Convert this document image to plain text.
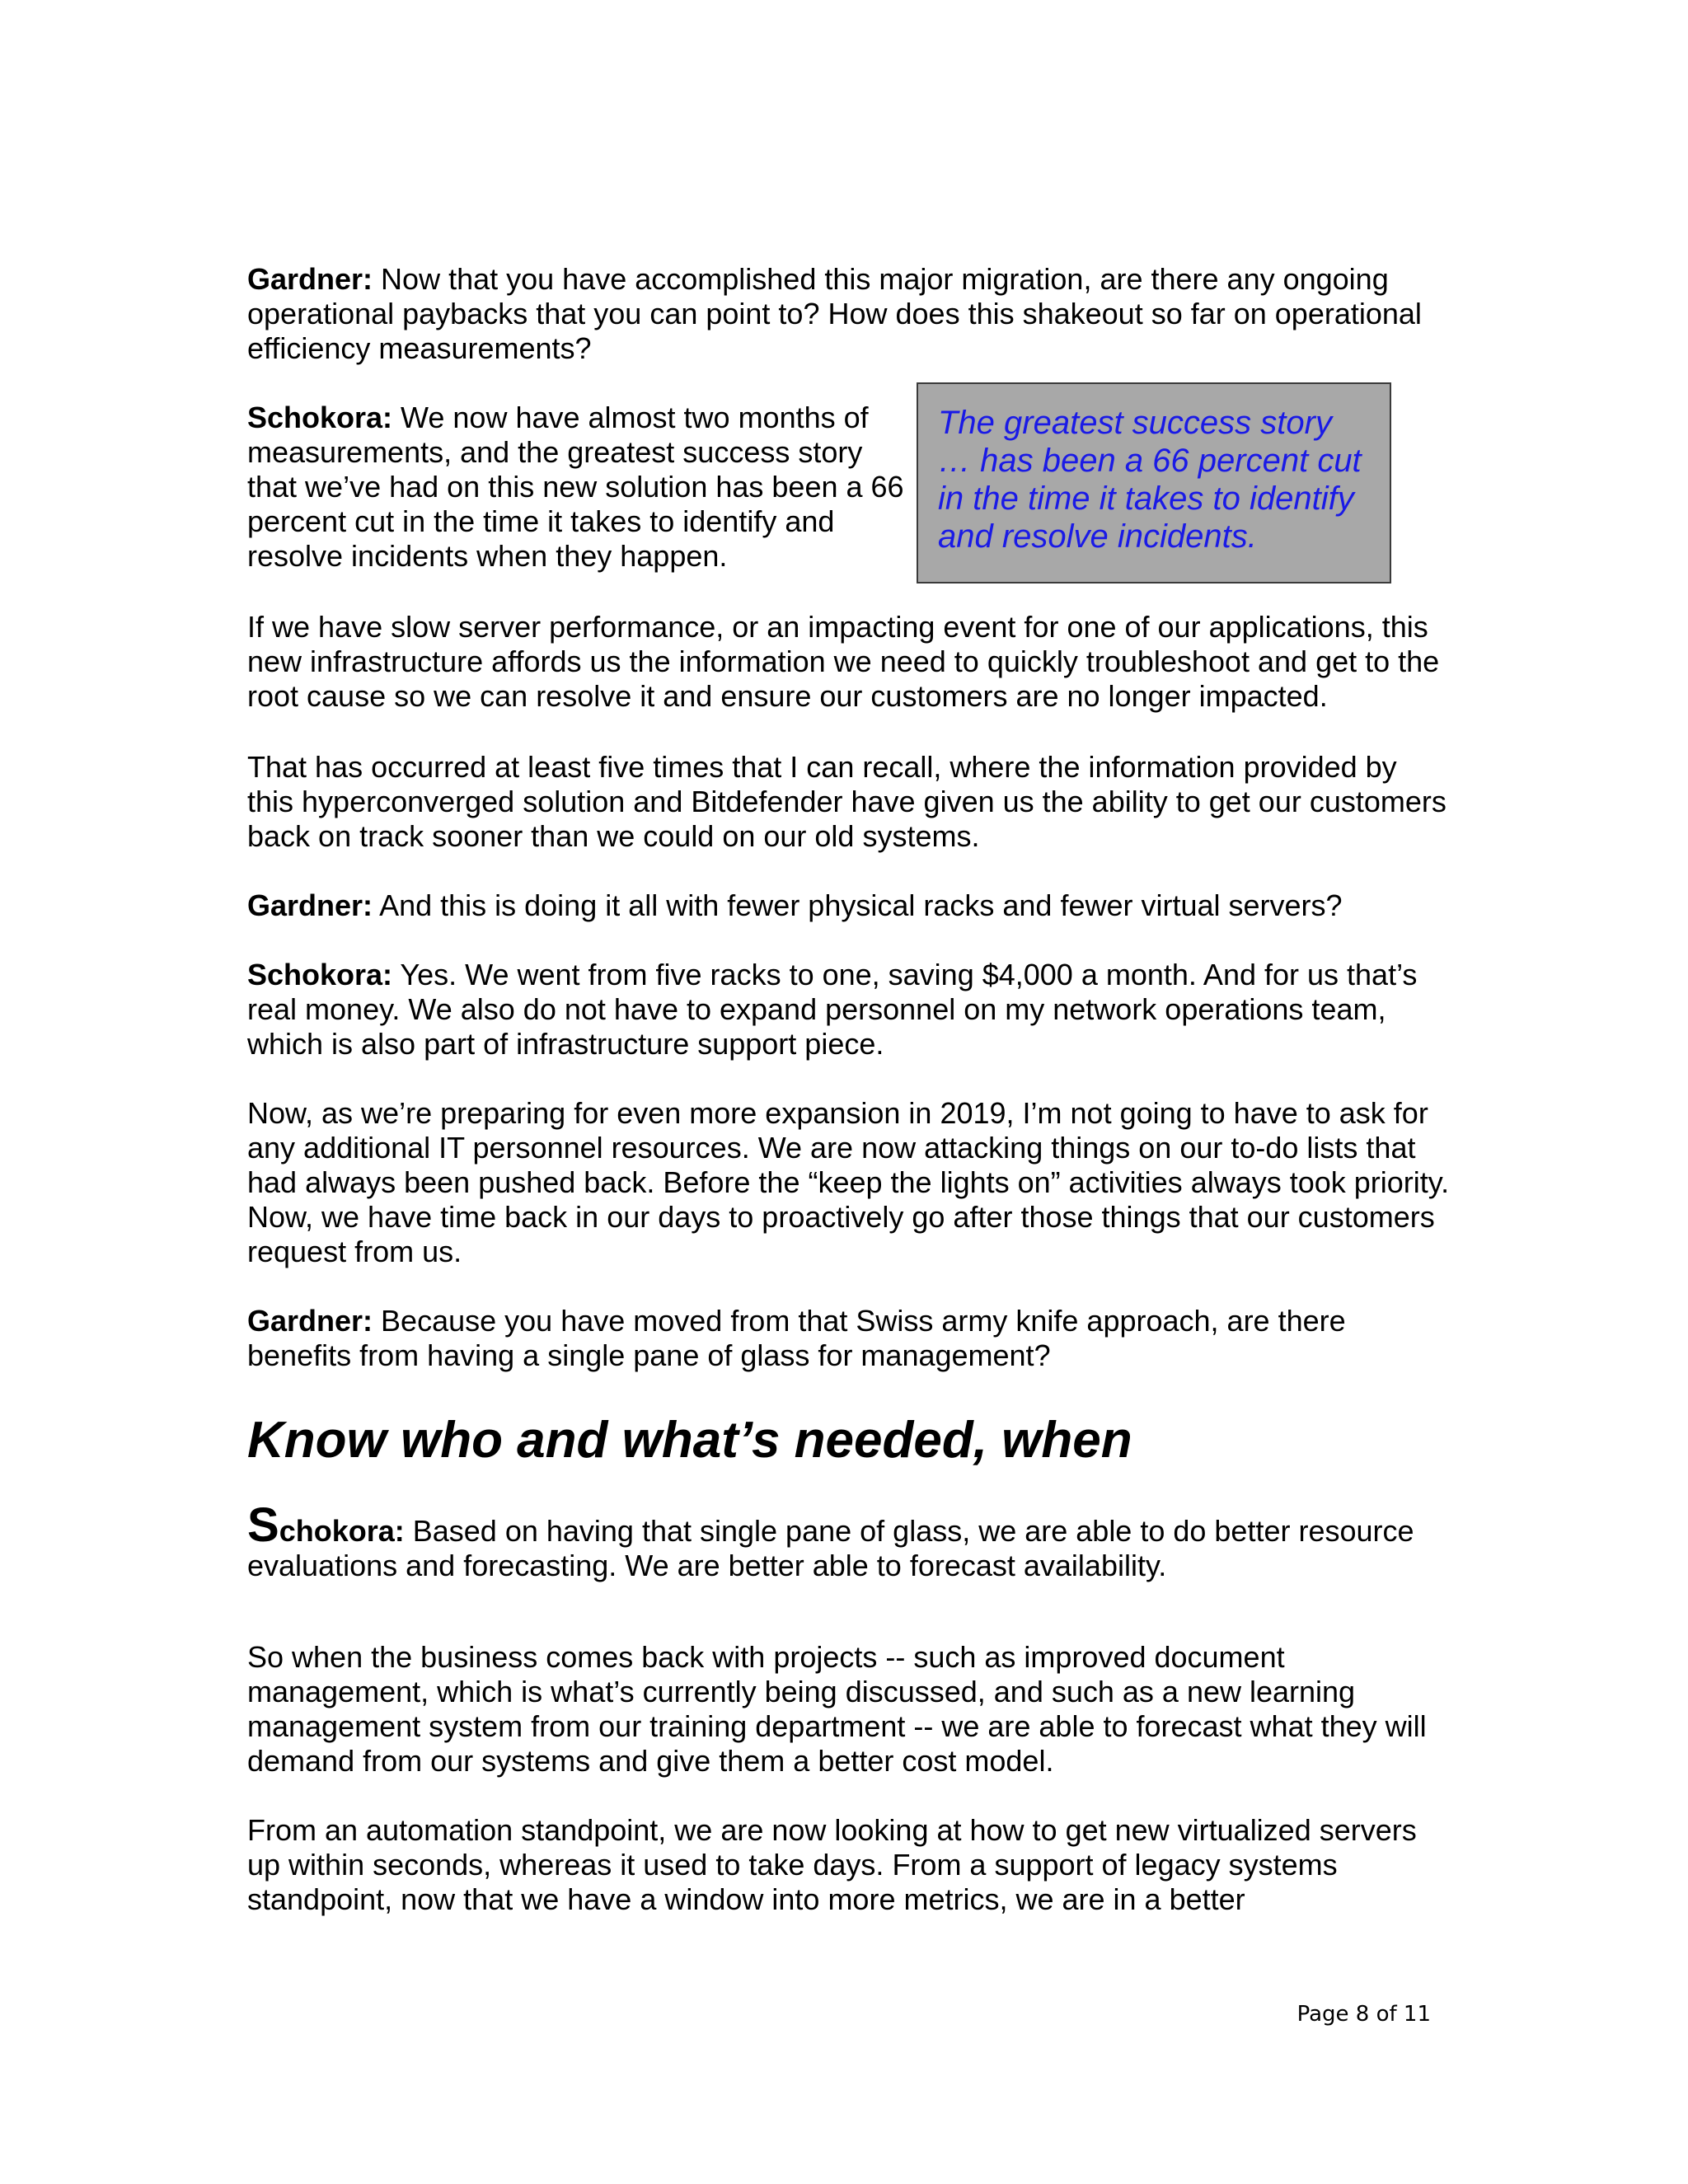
Gardner: Now that you have accomplished this major migration, are there any ongoing operational paybacks that you can point to? How does this shakeout so far on operational efficiency measurements?

Schokora: We now have almost two months of measurements, and the greatest success story that we’ve had on this new solution has been a 66 percent cut in the time it takes to identify and resolve incidents when they happen.

The greatest success story … has been a 66 percent cut in the time it takes to identify and resolve incidents.

If we have slow server performance, or an impacting event for one of our applications, this new infrastructure affords us the information we need to quickly troubleshoot and get to the root cause so we can resolve it and ensure our customers are no longer impacted.

That has occurred at least five times that I can recall, where the information provided by this hyperconverged solution and Bitdefender have given us the ability to get our customers back on track sooner than we could on our old systems.

Gardner: And this is doing it all with fewer physical racks and fewer virtual servers?

Schokora: Yes. We went from five racks to one, saving $4,000 a month. And for us that’s real money. We also do not have to expand personnel on my network operations team, which is also part of infrastructure support piece.

Now, as we’re preparing for even more expansion in 2019, I’m not going to have to ask for any additional IT personnel resources. We are now attacking things on our to-do lists that had always been pushed back. Before the “keep the lights on” activities always took priority. Now, we have time back in our days to proactively go after those things that our customers request from us.

Gardner: Because you have moved from that Swiss army knife approach, are there benefits from having a single pane of glass for management?

Know who and what’s needed, when

Schokora: Based on having that single pane of glass, we are able to do better resource evaluations and forecasting. We are better able to forecast availability.

So when the business comes back with projects -- such as improved document management, which is what’s currently being discussed, and such as a new learning management system from our training department -- we are able to forecast what they will demand from our systems and give them a better cost model.

From an automation standpoint, we are now looking at how to get new virtualized servers up within seconds, whereas it used to take days. From a support of legacy systems standpoint, now that we have a window into more metrics, we are in a better

Page 8 of 11
